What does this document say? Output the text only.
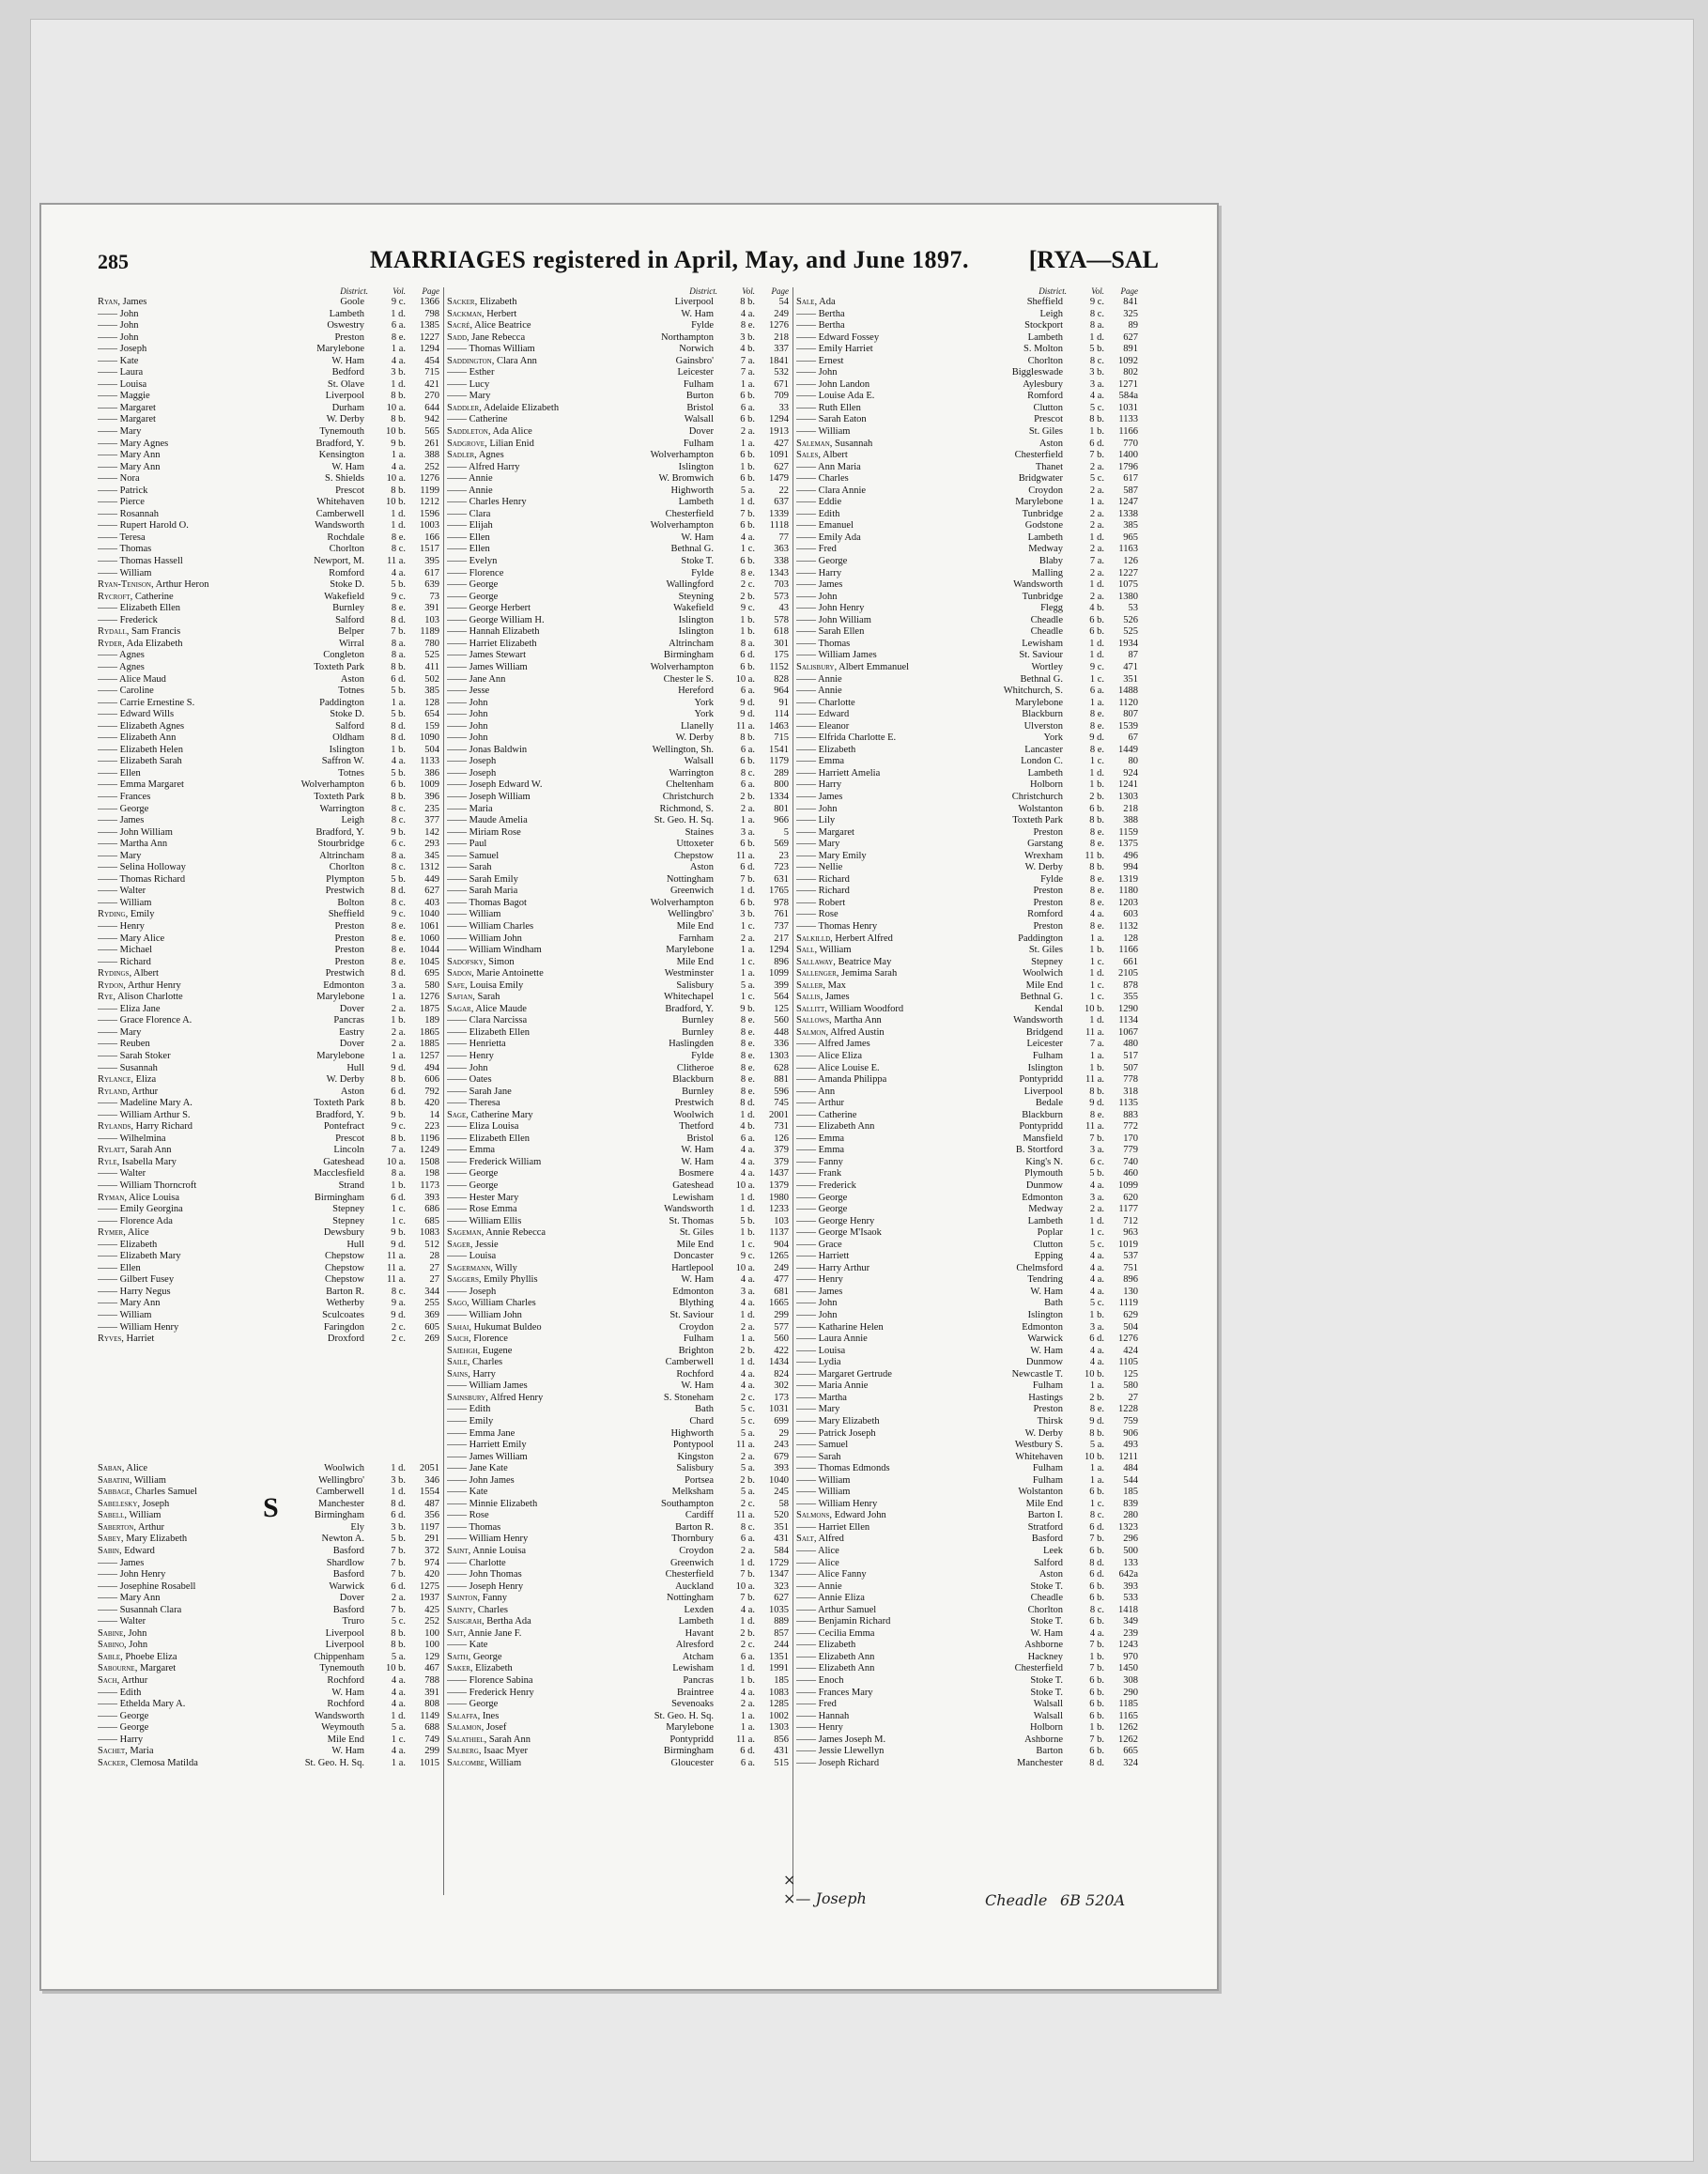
285	MARRIAGES registered in April, May, and June 1897. [RYA—SAL
District.	Vol.	Page
Ryan, James	Goole	9 c.	1366
—— John	Lambeth	1 d.	798
—— John	Oswestry	6 a.	1385
—— John	Preston	8 e.	1227
—— Joseph	Marylebone	1 a.	1294
—— Kate	W. Ham	4 a.	454
—— Laura	Bedford	3 b.	715
—— Louisa	St. Olave	1 d.	421
—— Maggie	Liverpool	8 b.	270
—— Margaret	Durham	10 a.	644
—— Margaret	W. Derby	8 b.	942
—— Mary	Tynemouth	10 b.	565
—— Mary Agnes	Bradford, Y.	9 b.	261
—— Mary Ann	Kensington	1 a.	388
—— Mary Ann	W. Ham	4 a.	252
—— Nora	S. Shields	10 a.	1276
—— Patrick	Prescot	8 b.	1199
—— Pierce	Whitehaven	10 b.	1212
—— Rosannah	Camberwell	1 d.	1596
—— Rupert Harold O.	Wandsworth	1 d.	1003
—— Teresa	Rochdale	8 e.	166
—— Thomas	Chorlton	8 c.	1517
—— Thomas Hassell	Newport, M.	11 a.	395
—— William	Romford	4 a.	617
Ryan-Tenison, Arthur Heron	Stoke D.	5 b.	639
Rycroft, Catherine	Wakefield	9 c.	73
—— Elizabeth Ellen	Burnley	8 e.	391
—— Frederick	Salford	8 d.	103
Rydall, Sam Francis	Belper	7 b.	1189
Ryder, Ada Elizabeth	Wirral	8 a.	780
—— Agnes	Congleton	8 a.	525
—— Agnes	Toxteth Park	8 b.	411
—— Alice Maud	Aston	6 d.	502
—— Caroline	Totnes	5 b.	385
—— Carrie Ernestine S.	Paddington	1 a.	128
—— Edward Wills	Stoke D.	5 b.	654
—— Elizabeth Agnes	Salford	8 d.	159
—— Elizabeth Ann	Oldham	8 d.	1090
—— Elizabeth Helen	Islington	1 b.	504
—— Elizabeth Sarah	Saffron W.	4 a.	1133
—— Ellen	Totnes	5 b.	386
—— Emma Margaret	Wolverhampton	6 b.	1009
—— Frances	Toxteth Park	8 b.	396
—— George	Warrington	8 c.	235
—— James	Leigh	8 c.	377
—— John William	Bradford, Y.	9 b.	142
—— Martha Ann	Stourbridge	6 c.	293
—— Mary	Altrincham	8 a.	345
—— Selina Holloway	Chorlton	8 c.	1312
—— Thomas Richard	Plympton	5 b.	449
—— Walter	Prestwich	8 d.	627
—— William	Bolton	8 c.	403
Ryding, Emily	Sheffield	9 c.	1040
—— Henry	Preston	8 e.	1061
—— Mary Alice	Preston	8 e.	1060
—— Michael	Preston	8 e.	1044
—— Richard	Preston	8 e.	1045
Rydings, Albert	Prestwich	8 d.	695
Rydon, Arthur Henry	Edmonton	3 a.	580
Rye, Alison Charlotte	Marylebone	1 a.	1276
—— Eliza Jane	Dover	2 a.	1875
—— Grace Florence A.	Pancras	1 b.	189
—— Mary	Eastry	2 a.	1865
—— Reuben	Dover	2 a.	1885
—— Sarah Stoker	Marylebone	1 a.	1257
—— Susannah	Hull	9 d.	494
Rylance, Eliza	W. Derby	8 b.	606
Ryland, Arthur	Aston	6 d.	792
—— Madeline Mary A.	Toxteth Park	8 b.	420
—— William Arthur S.	Bradford, Y.	9 b.	14
Rylands, Harry Richard	Pontefract	9 c.	223
—— Wilhelmina	Prescot	8 b.	1196
Rylatt, Sarah Ann	Lincoln	7 a.	1249
Ryle, Isabella Mary	Gateshead	10 a.	1508
—— Walter	Macclesfield	8 a.	198
—— William Thorncroft	Strand	1 b.	1173
Ryman, Alice Louisa	Birmingham	6 d.	393
—— Emily Georgina	Stepney	1 c.	686
—— Florence Ada	Stepney	1 c.	685
Rymer, Alice	Dewsbury	9 b.	1083
—— Elizabeth	Hull	9 d.	512
—— Elizabeth Mary	Chepstow	11 a.	28
—— Ellen	Chepstow	11 a.	27
—— Gilbert Fusey	Chepstow	11 a.	27
—— Harry Negus	Barton R.	8 c.	344
—— Mary Ann	Wetherby	9 a.	255
—— William	Sculcoates	9 d.	369
—— William Henry	Faringdon	2 c.	605
Ryves, Harriet	Droxford	2 c.	269
Saban, Alice	Woolwich	1 d.	2051
Sabatini, William	Wellingbro'	3 b.	346
Sabbage, Charles Samuel	Camberwell	1 d.	1554
Sabelesky, Joseph	Manchester	8 d.	487
Sabell, William	Birmingham	6 d.	356
Saberton, Arthur	Ely	3 b.	1197
Sabey, Mary Elizabeth	Newton A.	5 b.	291
Sabin, Edward	Basford	7 b.	372
—— James	Shardlow	7 b.	974
—— John Henry	Basford	7 b.	420
—— Josephine Rosabell	Warwick	6 d.	1275
—— Mary Ann	Dover	2 a.	1937
—— Susannah Clara	Basford	7 b.	425
—— Walter	Truro	5 c.	252
Sabine, John	Liverpool	8 b.	100
Sabino, John	Liverpool	8 b.	100
Sable, Phoebe Eliza	Chippenham	5 a.	129
Sabourne, Margaret	Tynemouth	10 b.	467
Sach, Arthur	Rochford	4 a.	788
—— Edith	W. Ham	4 a.	391
—— Ethelda Mary A.	Rochford	4 a.	808
—— George	Wandsworth	1 d.	1149
—— George	Weymouth	5 a.	688
—— Harry	Mile End	1 c.	749
Sachet, Maria	W. Ham	4 a.	299
Sacker, Clemosa Matilda	St. Geo. H. Sq.	1 a.	1015
District.	Vol.	Page
Sacker, Elizabeth	Liverpool	8 b.	54
Sackman, Herbert	W. Ham	4 a.	249
Sacré, Alice Beatrice	Fylde	8 e.	1276
Sadd, Jane Rebecca	Northampton	3 b.	218
—— Thomas William	Norwich	4 b.	337
Saddington, Clara Ann	Gainsbro'	7 a.	1841
—— Esther	Leicester	7 a.	532
—— Lucy	Fulham	1 a.	671
—— Mary	Burton	6 b.	709
Saddler, Adelaide Elizabeth	Bristol	6 a.	33
—— Catherine	Walsall	6 b.	1294
Saddleton, Ada Alice	Dover	2 a.	1913
Sadgrove, Lilian Enid	Fulham	1 a.	427
Sadler, Agnes	Wolverhampton	6 b.	1091
—— Alfred Harry	Islington	1 b.	627
—— Annie	W. Bromwich	6 b.	1479
—— Annie	Highworth	5 a.	22
—— Charles Henry	Lambeth	1 d.	637
—— Clara	Chesterfield	7 b.	1339
—— Elijah	Wolverhampton	6 b.	1118
—— Ellen	W. Ham	4 a.	77
—— Ellen	Bethnal G.	1 c.	363
—— Evelyn	Stoke T.	6 b.	338
—— Florence	Fylde	8 e.	1343
—— George	Wallingford	2 c.	703
—— George	Steyning	2 b.	573
—— George Herbert	Wakefield	9 c.	43
—— George William H.	Islington	1 b.	578
—— Hannah Elizabeth	Islington	1 b.	618
—— Harriet Elizabeth	Altrincham	8 a.	301
—— James Stewart	Birmingham	6 d.	175
—— James William	Wolverhampton	6 b.	1152
—— Jane Ann	Chester le S.	10 a.	828
—— Jesse	Hereford	6 a.	964
—— John	York	9 d.	91
—— John	York	9 d.	114
—— John	Llanelly	11 a.	1463
—— John	W. Derby	8 b.	715
—— Jonas Baldwin	Wellington, Sh.	6 a.	1541
—— Joseph	Walsall	6 b.	1179
—— Joseph	Warrington	8 c.	289
—— Joseph Edward W.	Cheltenham	6 a.	800
—— Joseph William	Christchurch	2 b.	1334
—— Maria	Richmond, S.	2 a.	801
—— Maude Amelia	St. Geo. H. Sq.	1 a.	966
—— Miriam Rose	Staines	3 a.	5
—— Paul	Uttoxeter	6 b.	569
—— Samuel	Chepstow	11 a.	23
—— Sarah	Aston	6 d.	723
—— Sarah Emily	Nottingham	7 b.	631
—— Sarah Maria	Greenwich	1 d.	1765
—— Thomas Bagot	Wolverhampton	6 b.	978
—— William	Wellingbro'	3 b.	761
—— William Charles	Mile End	1 c.	737
—— William John	Farnham	2 a.	217
—— William Windham	Marylebone	1 a.	1294
Sadofsky, Simon	Mile End	1 c.	896
Sadon, Marie Antoinette	Westminster	1 a.	1099
Safe, Louisa Emily	Salisbury	5 a.	399
Safian, Sarah	Whitechapel	1 c.	564
Sagar, Alice Maude	Bradford, Y.	9 b.	125
—— Clara Narcissa	Burnley	8 e.	560
—— Elizabeth Ellen	Burnley	8 e.	448
—— Henrietta	Haslingden	8 e.	336
—— Henry	Fylde	8 e.	1303
—— John	Clitheroe	8 e.	628
—— Oates	Blackburn	8 e.	881
—— Sarah Jane	Burnley	8 e.	596
—— Theresa	Prestwich	8 d.	745
Sage, Catherine Mary	Woolwich	1 d.	2001
—— Eliza Louisa	Thetford	4 b.	731
—— Elizabeth Ellen	Bristol	6 a.	126
—— Emma	W. Ham	4 a.	379
—— Frederick William	W. Ham	4 a.	379
—— George	Bosmere	4 a.	1437
—— George	Gateshead	10 a.	1379
—— Hester Mary	Lewisham	1 d.	1980
—— Rose Emma	Wandsworth	1 d.	1233
—— William Ellis	St. Thomas	5 b.	103
Sageman, Annie Rebecca	St. Giles	1 b.	1137
Sager, Jessie	Mile End	1 c.	904
—— Louisa	Doncaster	9 c.	1265
Sagermann, Willy	Hartlepool	10 a.	249
Saggers, Emily Phyllis	W. Ham	4 a.	477
—— Joseph	Edmonton	3 a.	681
Sago, William Charles	Blything	4 a.	1665
—— William John	St. Saviour	1 d.	299
Sahai, Hukumat Buldeo	Croydon	2 a.	577
Saich, Florence	Fulham	1 a.	560
Saiehgh, Eugene	Brighton	2 b.	422
Saile, Charles	Camberwell	1 d.	1434
Sains, Harry	Rochford	4 a.	824
—— William James	W. Ham	4 a.	302
Sainsbury, Alfred Henry	S. Stoneham	2 c.	173
—— Edith	Bath	5 c.	1031
—— Emily	Chard	5 c.	699
—— Emma Jane	Highworth	5 a.	29
—— Harriett Emily	Pontypool	11 a.	243
—— James William	Kingston	2 a.	679
—— Jane Kate	Salisbury	5 a.	393
—— John James	Portsea	2 b.	1040
—— Kate	Melksham	5 a.	245
—— Minnie Elizabeth	Southampton	2 c.	58
—— Rose	Cardiff	11 a.	520
—— Thomas	Barton R.	8 c.	351
—— William Henry	Thornbury	6 a.	431
Saint, Annie Louisa	Croydon	2 a.	584
—— Charlotte	Greenwich	1 d.	1729
—— John Thomas	Chesterfield	7 b.	1347
—— Joseph Henry	Auckland	10 a.	323
Sainton, Fanny	Nottingham	7 b.	627
Sainty, Charles	Lexden	4 a.	1035
Saisgrah, Bertha Ada	Lambeth	1 d.	889
Sait, Annie Jane F.	Havant	2 b.	857
—— Kate	Alresford	2 c.	244
Saith, George	Atcham	6 a.	1351
Saker, Elizabeth	Lewisham	1 d.	1991
—— Florence Sabina	Pancras	1 b.	185
—— Frederick Henry	Braintree	4 a.	1083
—— George	Sevenoaks	2 a.	1285
Salaffa, Ines	St. Geo. H. Sq.	1 a.	1002
Salamon, Josef	Marylebone	1 a.	1303
Salathiel, Sarah Ann	Pontypridd	11 a.	856
Salberg, Isaac Myer	Birmingham	6 d.	431
Salcombe, William	Gloucester	6 a.	515
District.	Vol.	Page
Sale, Ada	Sheffield	9 c.	841
—— Bertha	Leigh	8 c.	325
—— Bertha	Stockport	8 a.	89
—— Edward Fossey	Lambeth	1 d.	627
—— Emily Harriet	S. Molton	5 b.	891
—— Ernest	Chorlton	8 c.	1092
—— John	Biggleswade	3 b.	802
—— John Landon	Aylesbury	3 a.	1271
—— Louise Ada E.	Romford	4 a.	584a
—— Ruth Ellen	Clutton	5 c.	1031
—— Sarah Eaton	Prescot	8 b.	1133
—— William	St. Giles	1 b.	1166
Saleman, Susannah	Aston	6 d.	770
Sales, Albert	Chesterfield	7 b.	1400
—— Ann Maria	Thanet	2 a.	1796
—— Charles	Bridgwater	5 c.	617
—— Clara Annie	Croydon	2 a.	587
—— Eddie	Marylebone	1 a.	1247
—— Edith	Tunbridge	2 a.	1338
—— Emanuel	Godstone	2 a.	385
—— Emily Ada	Lambeth	1 d.	965
—— Fred	Medway	2 a.	1163
—— George	Blaby	7 a.	126
—— Harry	Malling	2 a.	1227
—— James	Wandsworth	1 d.	1075
—— John	Tunbridge	2 a.	1380
—— John Henry	Flegg	4 b.	53
—— John William	Cheadle	6 b.	526
—— Sarah Ellen	Cheadle	6 b.	525
—— Thomas	Lewisham	1 d.	1934
—— William James	St. Saviour	1 d.	87
Salisbury, Albert Emmanuel	Wortley	9 c.	471
—— Annie	Bethnal G.	1 c.	351
—— Annie	Whitchurch, S.	6 a.	1488
—— Charlotte	Marylebone	1 a.	1120
—— Edward	Blackburn	8 e.	807
—— Eleanor	Ulverston	8 e.	1539
—— Elfrida Charlotte E.	York	9 d.	67
—— Elizabeth	Lancaster	8 e.	1449
—— Emma	London C.	1 c.	80
—— Harriett Amelia	Lambeth	1 d.	924
—— Harry	Holborn	1 b.	1241
—— James	Christchurch	2 b.	1303
—— John	Wolstanton	6 b.	218
—— Lily	Toxteth Park	8 b.	388
—— Margaret	Preston	8 e.	1159
—— Mary	Garstang	8 e.	1375
—— Mary Emily	Wrexham	11 b.	496
—— Nellie	W. Derby	8 b.	994
—— Richard	Fylde	8 e.	1319
—— Richard	Preston	8 e.	1180
—— Robert	Preston	8 e.	1203
—— Rose	Romford	4 a.	603
—— Thomas Henry	Preston	8 e.	1132
Salkilld, Herbert Alfred	Paddington	1 a.	128
Sall, William	St. Giles	1 b.	1166
Sallaway, Beatrice May	Stepney	1 c.	661
Sallenger, Jemima Sarah	Woolwich	1 d.	2105
Saller, Max	Mile End	1 c.	878
Sallis, James	Bethnal G.	1 c.	355
Sallitt, William Woodford	Kendal	10 b.	1290
Sallows, Martha Ann	Wandsworth	1 d.	1134
Salmon, Alfred Austin	Bridgend	11 a.	1067
—— Alfred James	Leicester	7 a.	480
—— Alice Eliza	Fulham	1 a.	517
—— Alice Louise E.	Islington	1 b.	507
—— Amanda Philippa	Pontypridd	11 a.	778
—— Ann	Liverpool	8 b.	318
—— Arthur	Bedale	9 d.	1135
—— Catherine	Blackburn	8 e.	883
—— Elizabeth Ann	Pontypridd	11 a.	772
—— Emma	Mansfield	7 b.	170
—— Emma	B. Stortford	3 a.	779
—— Fanny	King's N.	6 c.	740
—— Frank	Plymouth	5 b.	460
—— Frederick	Dunmow	4 a.	1099
—— George	Edmonton	3 a.	620
—— George	Medway	2 a.	1177
—— George Henry	Lambeth	1 d.	712
—— George M'Isaok	Poplar	1 c.	963
—— Grace	Clutton	5 c.	1019
—— Harriett	Epping	4 a.	537
—— Harry Arthur	Chelmsford	4 a.	751
—— Henry	Tendring	4 a.	896
—— James	W. Ham	4 a.	130
—— John	Bath	5 c.	1119
—— John	Islington	1 b.	629
—— Katharine Helen	Edmonton	3 a.	504
—— Laura Annie	Warwick	6 d.	1276
—— Louisa	W. Ham	4 a.	424
—— Lydia	Dunmow	4 a.	1105
—— Margaret Gertrude	Newcastle T.	10 b.	125
—— Maria Annie	Fulham	1 a.	580
—— Martha	Hastings	2 b.	27
—— Mary	Preston	8 e.	1228
—— Mary Elizabeth	Thirsk	9 d.	759
—— Patrick Joseph	W. Derby	8 b.	906
—— Samuel	Westbury S.	5 a.	493
—— Sarah	Whitehaven	10 b.	1211
—— Thomas Edmonds	Fulham	1 a.	484
—— William	Fulham	1 a.	544
—— William	Wolstanton	6 b.	185
—— William Henry	Mile End	1 c.	839
Salmons, Edward John	Barton I.	8 c.	280
—— Harriet Ellen	Stratford	6 d.	1323
Salt, Alfred	Basford	7 b.	296
—— Alice	Leek	6 b.	500
—— Alice	Salford	8 d.	133
—— Alice Fanny	Aston	6 d.	642a
—— Annie	Stoke T.	6 b.	393
—— Annie Eliza	Cheadle	6 b.	533
—— Arthur Samuel	Chorlton	8 c.	1418
—— Benjamin Richard	Stoke T.	6 b.	349
—— Cecilia Emma	W. Ham	4 a.	239
—— Elizabeth	Ashborne	7 b.	1243
—— Elizabeth Ann	Hackney	1 b.	970
—— Elizabeth Ann	Chesterfield	7 b.	1450
—— Enoch	Stoke T.	6 b.	308
—— Frances Mary	Stoke T.	6 b.	290
—— Fred	Walsall	6 b.	1185
—— Hannah	Walsall	6 b.	1165
—— Henry	Holborn	1 b.	1262
—— James Joseph M.	Ashborne	7 b.	1262
—— Jessie Llewellyn	Barton	6 b.	665
—— Joseph Richard	Manchester	8 d.	324
S
×
×— Joseph	Cheadle 6B 520A
